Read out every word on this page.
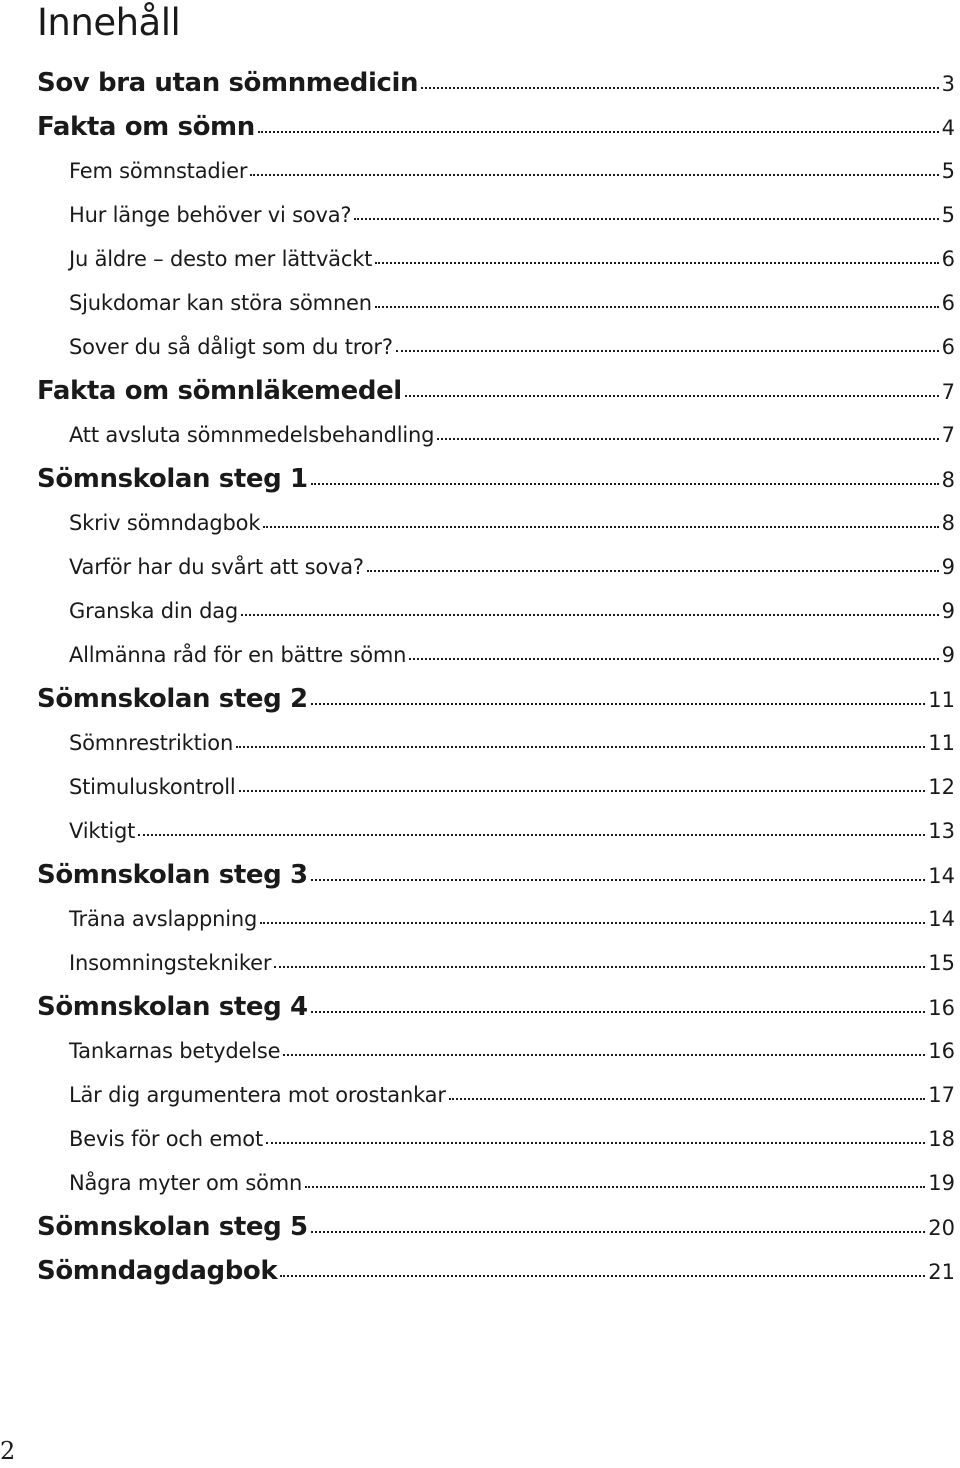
Innehåll
Sov bra utan sömnmedicin	3
Fakta om sömn	4
Fem sömnstadier	5
Hur länge behöver vi sova?	5
Ju äldre – desto mer lättväckt	6
Sjukdomar kan störa sömnen	6
Sover du så dåligt som du tror?	6
Fakta om sömnläkemedel	7
Att avsluta sömnmedelsbehandling	7
Sömnskolan steg 1	8
Skriv sömndagbok	8
Varför har du svårt att sova?	9
Granska din dag	9
Allmänna råd för en bättre sömn	9
Sömnskolan steg 2	11
Sömnrestriktion	11
Stimuluskontroll	12
Viktigt	13
Sömnskolan steg 3	14
Träna avslappning	14
Insomningstekniker	15
Sömnskolan steg 4	16
Tankarnas betydelse	16
Lär dig argumentera mot orostankar	17
Bevis för och emot	18
Några myter om sömn	19
Sömnskolan steg 5	20
Sömndagdagbok	21
2
